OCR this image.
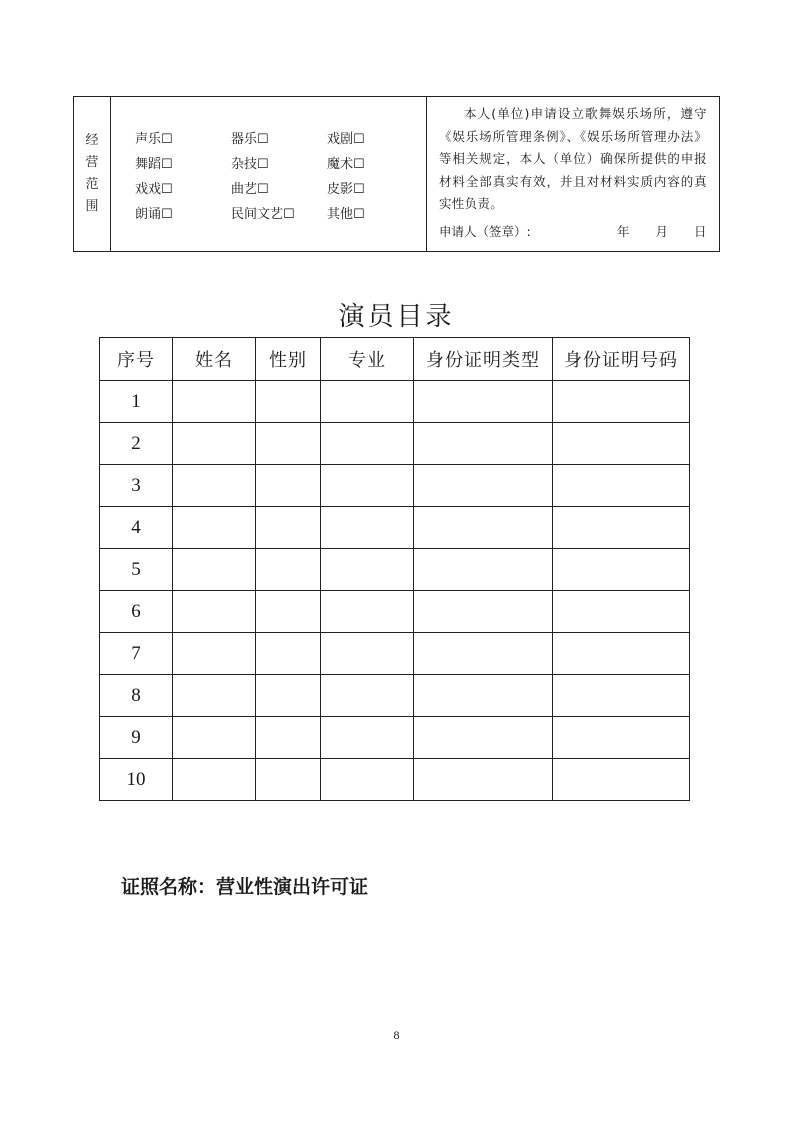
经
营
范
围
声乐☐	器乐☐	戏剧☐
舞蹈☐	杂技☐	魔术☐
戏戏☐	曲艺☐	皮影☐
朗诵☐	民间文艺☐	其他☐
本人(单位)申请设立歌舞娱乐场所，遵守《娱乐场所管理条例》、《娱乐场所管理办法》等相关规定，本人（单位）确保所提供的申报材料全部真实有效，并且对材料实质内容的真实性负责。
申请人（签章）:	年 月 日
演员目录
序号	姓名	性别	专业	身份证明类型	身份证明号码
1					
2					
3					
4					
5					
6					
7					
8					
9					
10					
证照名称：营业性演出许可证
8
